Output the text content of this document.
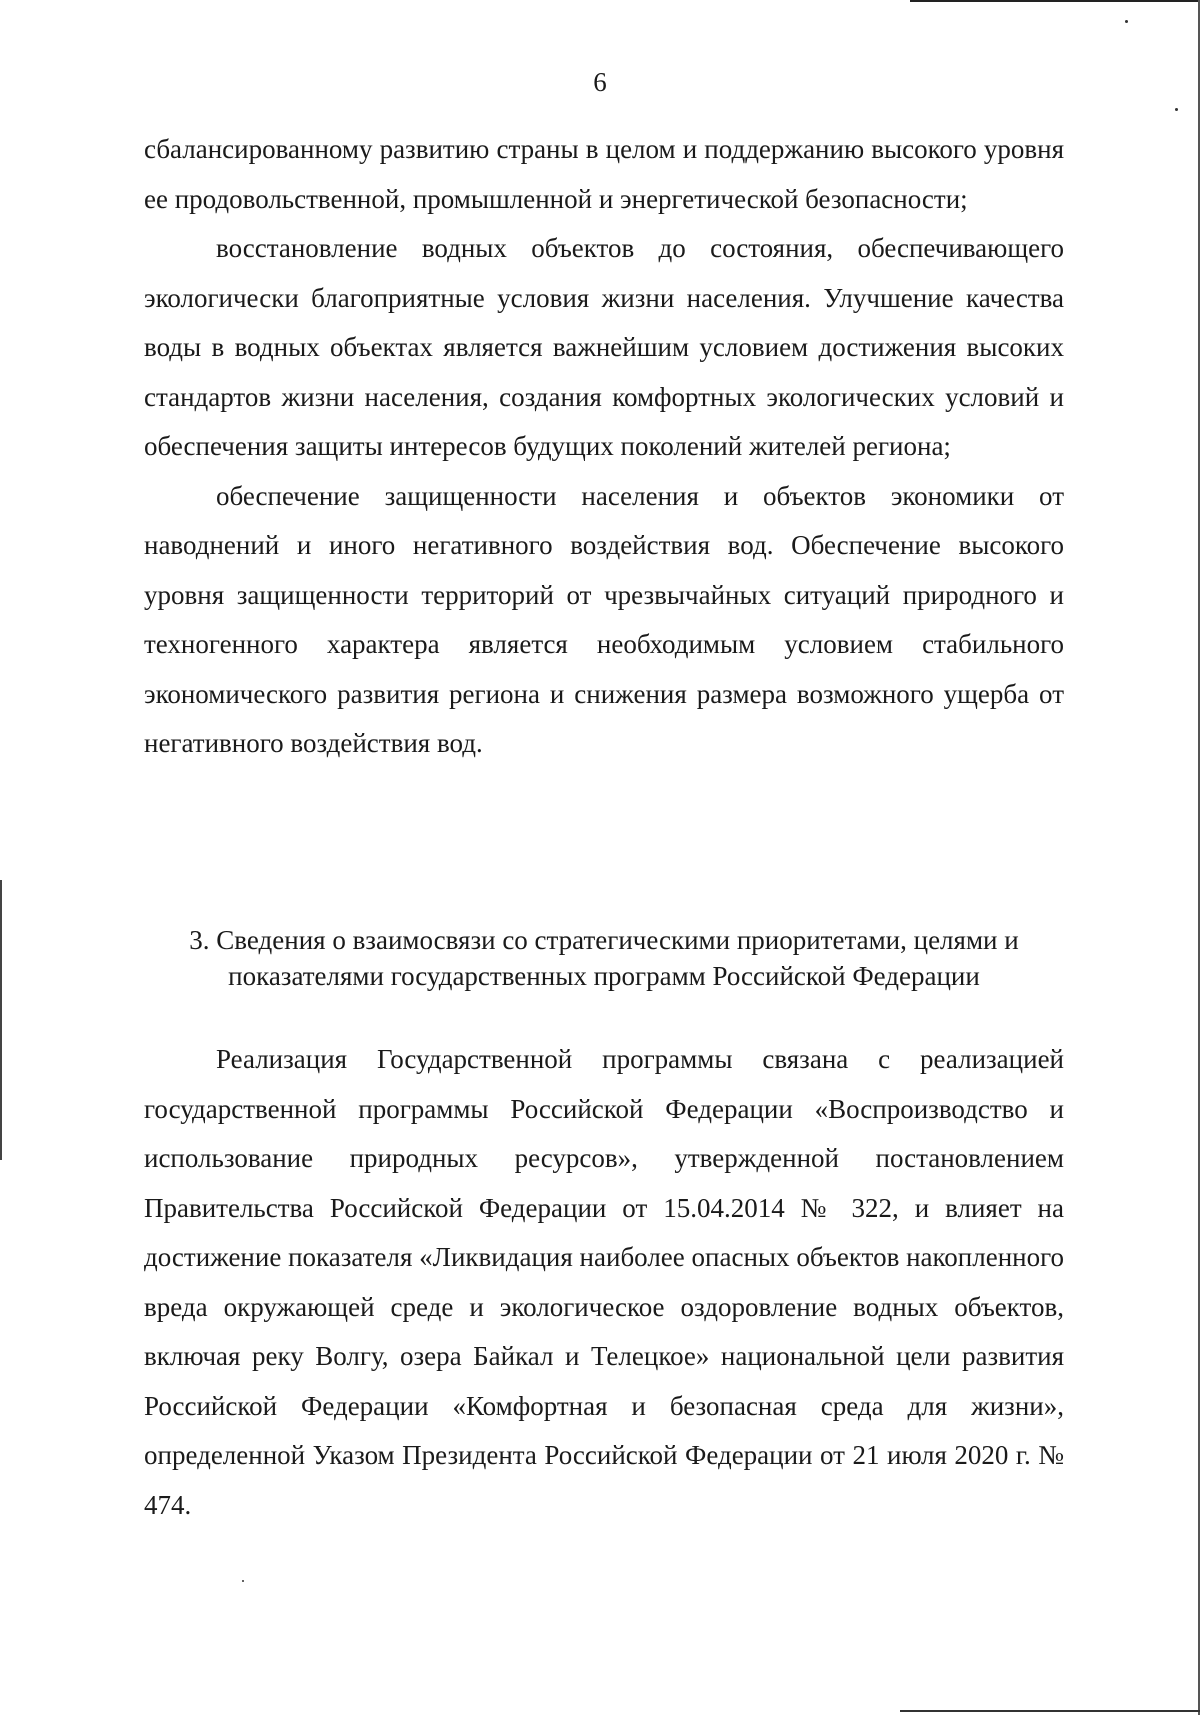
6

сбалансированному развитию страны в целом и поддержанию высокого уровня ее продовольственной, промышленной и энергетической безопасности;

восстановление водных объектов до состояния, обеспечивающего экологически благоприятные условия жизни населения. Улучшение качества воды в водных объектах является важнейшим условием достижения высоких стандартов жизни населения, создания комфортных экологических условий и обеспечения защиты интересов будущих поколений жителей региона;

обеспечение защищенности населения и объектов экономики от наводнений и иного негативного воздействия вод. Обеспечение высокого уровня защищенности территорий от чрезвычайных ситуаций природного и техногенного характера является необходимым условием стабильного экономического развития региона и снижения размера возможного ущерба от негативного воздействия вод.

3. Сведения о взаимосвязи со стратегическими приоритетами, целями и
показателями государственных программ Российской Федерации

Реализация Государственной программы связана с реализацией государственной программы Российской Федерации «Воспроизводство и использование природных ресурсов», утвержденной постановлением Правительства Российской Федерации от 15.04.2014 № 322, и влияет на достижение показателя «Ликвидация наиболее опасных объектов накопленного вреда окружающей среде и экологическое оздоровление водных объектов, включая реку Волгу, озера Байкал и Телецкое» национальной цели развития Российской Федерации «Комфортная и безопасная среда для жизни», определенной Указом Президента Российской Федерации от 21 июля 2020 г. № 474.
